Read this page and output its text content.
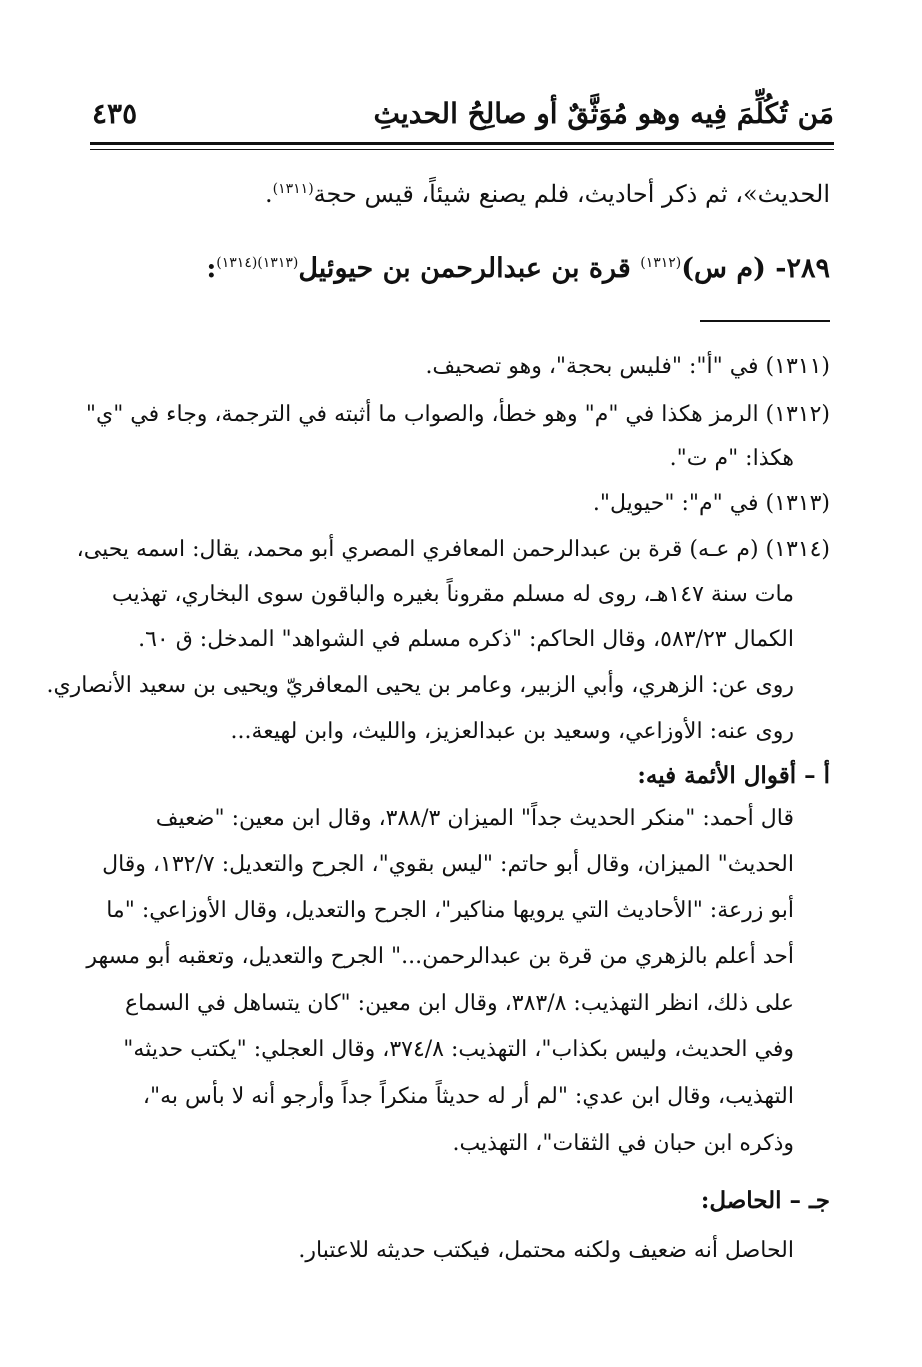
مَن تُكُلِّمَ فِيه وهو مُوَثَّقٌ أو صالِحُ الحديثِ
٤٣٥
الحديث»، ثم ذكر أحاديث، فلم يصنع شيئاً، قيس حجة$^{(١٣١١)}$.
٢٨٩- (م س)$^{(١٣١٢)}$ قرة بن عبدالرحمن بن حيوئيل$^{(١٣١٣)(١٣١٤)}$:
(١٣١١) في "أ": "فليس بحجة"، وهو تصحيف.
(١٣١٢) الرمز هكذا في "م" وهو خطأ، والصواب ما أثبته في الترجمة، وجاء في "ي"
هكذا: "م ت".
(١٣١٣) في "م": "حيويل".
(١٣١٤) (م عـه) قرة بن عبدالرحمن المعافري المصري أبو محمد، يقال: اسمه يحيى،
مات سنة ١٤٧هـ، روى له مسلم مقروناً بغيره والباقون سوى البخاري، تهذيب
الكمال ٥٨٣/٢٣، وقال الحاكم: "ذكره مسلم في الشواهد" المدخل: ق ٦٠.
روى عن: الزهري، وأبي الزبير، وعامر بن يحيى المعافريّ ويحيى بن سعيد الأنصاري.
روى عنه: الأوزاعي، وسعيد بن عبدالعزيز، والليث، وابن لهيعة...
أ – أقوال الأئمة فيه:
قال أحمد: "منكر الحديث جداً" الميزان ٣٨٨/٣، وقال ابن معين: "ضعيف
الحديث" الميزان، وقال أبو حاتم: "ليس بقوي"، الجرح والتعديل: ١٣٢/٧، وقال
أبو زرعة: "الأحاديث التي يرويها مناكير"، الجرح والتعديل، وقال الأوزاعي: "ما
أحد أعلم بالزهري من قرة بن عبدالرحمن..." الجرح والتعديل، وتعقبه أبو مسهر
على ذلك، انظر التهذيب: ٣٨٣/٨، وقال ابن معين: "كان يتساهل في السماع
وفي الحديث، وليس بكذاب"، التهذيب: ٣٧٤/٨، وقال العجلي: "يكتب حديثه"
التهذيب، وقال ابن عدي: "لم أر له حديثاً منكراً جداً وأرجو أنه لا بأس به"،
وذكره ابن حبان في الثقات"، التهذيب.
جـ – الحاصل:
الحاصل أنه ضعيف ولكنه محتمل، فيكتب حديثه للاعتبار.
